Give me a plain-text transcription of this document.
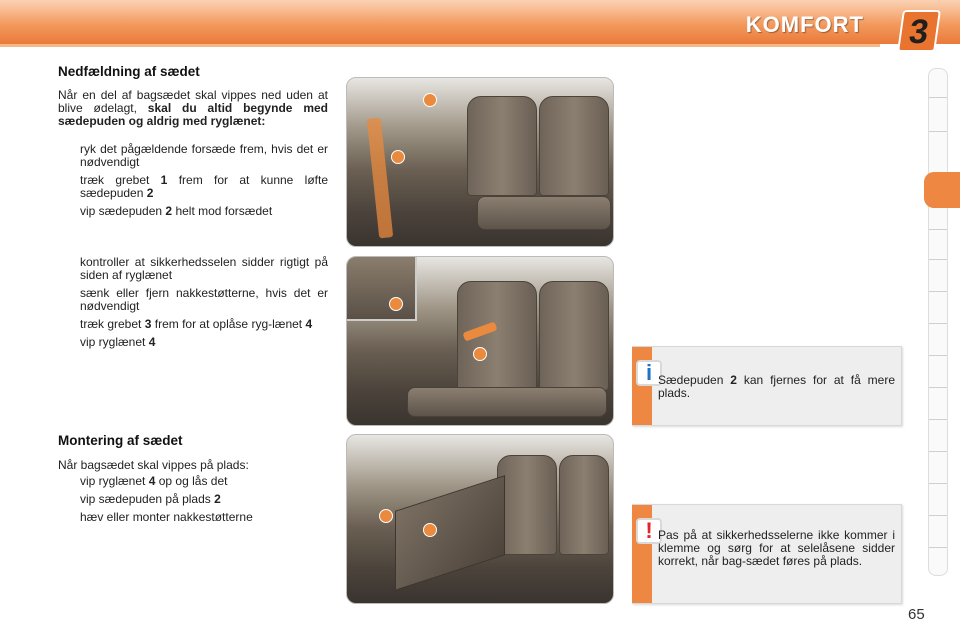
KOMFORT 3
Nedfældning af sædet
Når en del af bagsædet skal vippes ned uden at blive ødelagt, skal du altid begynde med sædepuden og aldrig med ryglænet:
ryk det pågældende forsæde frem, hvis det er nødvendigt
træk grebet 1 frem for at kunne løfte sædepuden 2
vip sædepuden 2 helt mod forsædet
kontroller at sikkerhedsselen sidder rigtigt på siden af ryglænet
sænk eller fjern nakkestøtterne, hvis det er nødvendigt
træk grebet 3 frem for at oplåse ryg-lænet 4
vip ryglænet 4
Montering af sædet
Når bagsædet skal vippes på plads:
vip ryglænet 4 op og lås det
vip sædepuden på plads 2
hæv eller monter nakkestøtterne
i Sædepuden 2 kan fjernes for at få mere plads.
! Pas på at sikkerhedsselerne ikke kommer i klemme og sørg for at selelåsene sidder korrekt, når bag-sædet føres på plads.
65
